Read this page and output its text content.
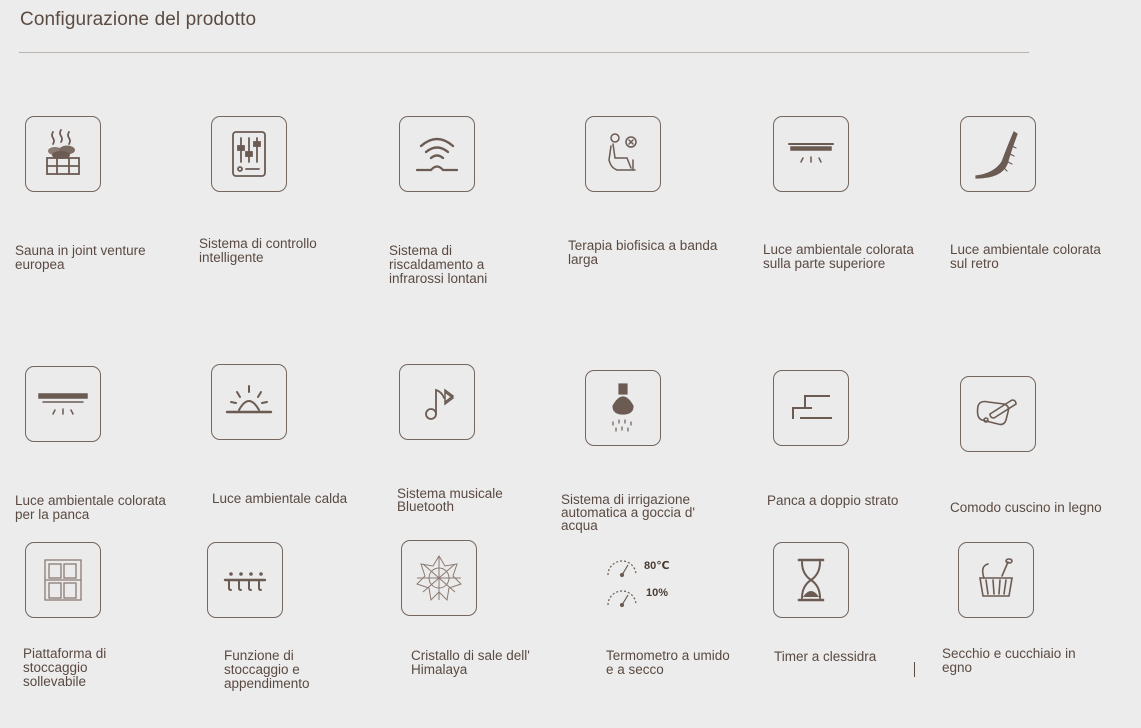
Configurazione del prodotto
Sauna in joint venture
europea
Sistema di controllo
intelligente	Sistema di
riscaldamento a
infrarossi lontani
Terapia biofisica a banda
larga
Luce ambientale colorata
sulla parte superiore
Luce ambientale colorata
sul retro
Luce ambientale colorata
per la panca
Luce ambientale calda	Sistema musicale
Bluetooth	Sistema di irrigazione
automatica a goccia d'
acqua
Panca a doppio strato	Comodo cuscino in legno
Piattaforma di
stoccaggio
sollevabile
Funzione di
stoccaggio e
appendimento
Cristallo di sale dell'
Himalaya
80℃
10%
Termometro a umido
e a secco
Timer a clessidra	Secchio e cucchiaio in
egno
